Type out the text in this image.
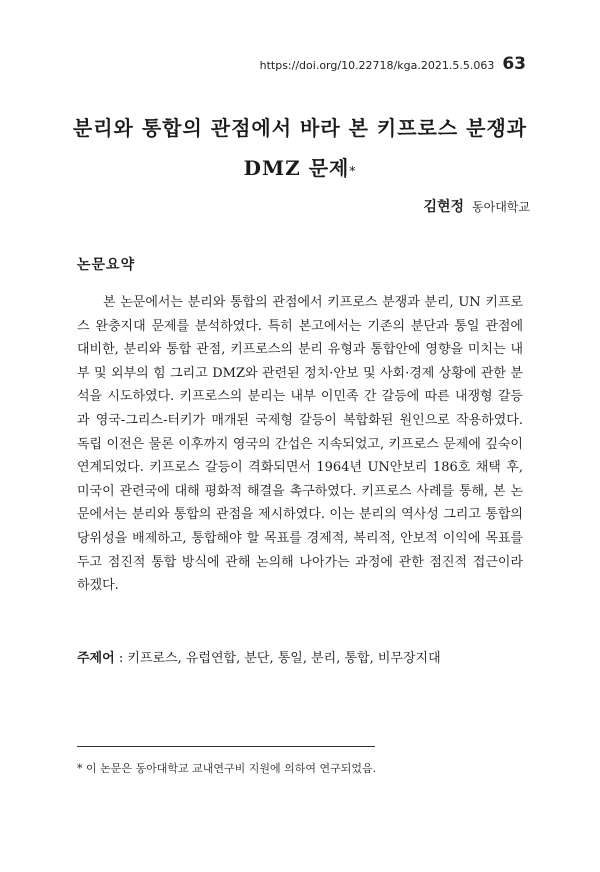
https://doi.org/10.22718/kga.2021.5.5.063 63
분리와 통합의 관점에서 바라 본 키프로스 분쟁과
DMZ 문제*
김현정 동아대학교
논문요약

본 논문에서는 분리와 통합의 관점에서 키프로스 분쟁과 분리, UN 키프로스 완충지대 문제를 분석하였다. 특히 본고에서는 기존의 분단과 통일 관점에 대비한, 분리와 통합 관점, 키프로스의 분리 유형과 통합안에 영향을 미치는 내부 및 외부의 힘 그리고 DMZ와 관련된 정치·안보 및 사회·경제 상황에 관한 분석을 시도하였다. 키프로스의 분리는 내부 이민족 간 갈등에 따른 내쟁형 갈등과 영국-그리스-터키가 매개된 국제형 갈등이 복합화된 원인으로 작용하였다. 독립 이전은 물론 이후까지 영국의 간섭은 지속되었고, 키프로스 문제에 깊숙이 연계되었다. 키프로스 갈등이 격화되면서 1964년 UN안보리 186호 채택 후, 미국이 관련국에 대해 평화적 해결을 촉구하였다. 키프로스 사례를 통해, 본 논문에서는 분리와 통합의 관점을 제시하였다. 이는 분리의 역사성 그리고 통합의 당위성을 배제하고, 통합해야 할 목표를 경제적, 복리적, 안보적 이익에 목표를 두고 점진적 통합 방식에 관해 논의해 나아가는 과정에 관한 점진적 접근이라 하겠다.

주제어 : 키프로스, 유럽연합, 분단, 통일, 분리, 통합, 비무장지대
* 이 논문은 동아대학교 교내연구비 지원에 의하여 연구되었음.
